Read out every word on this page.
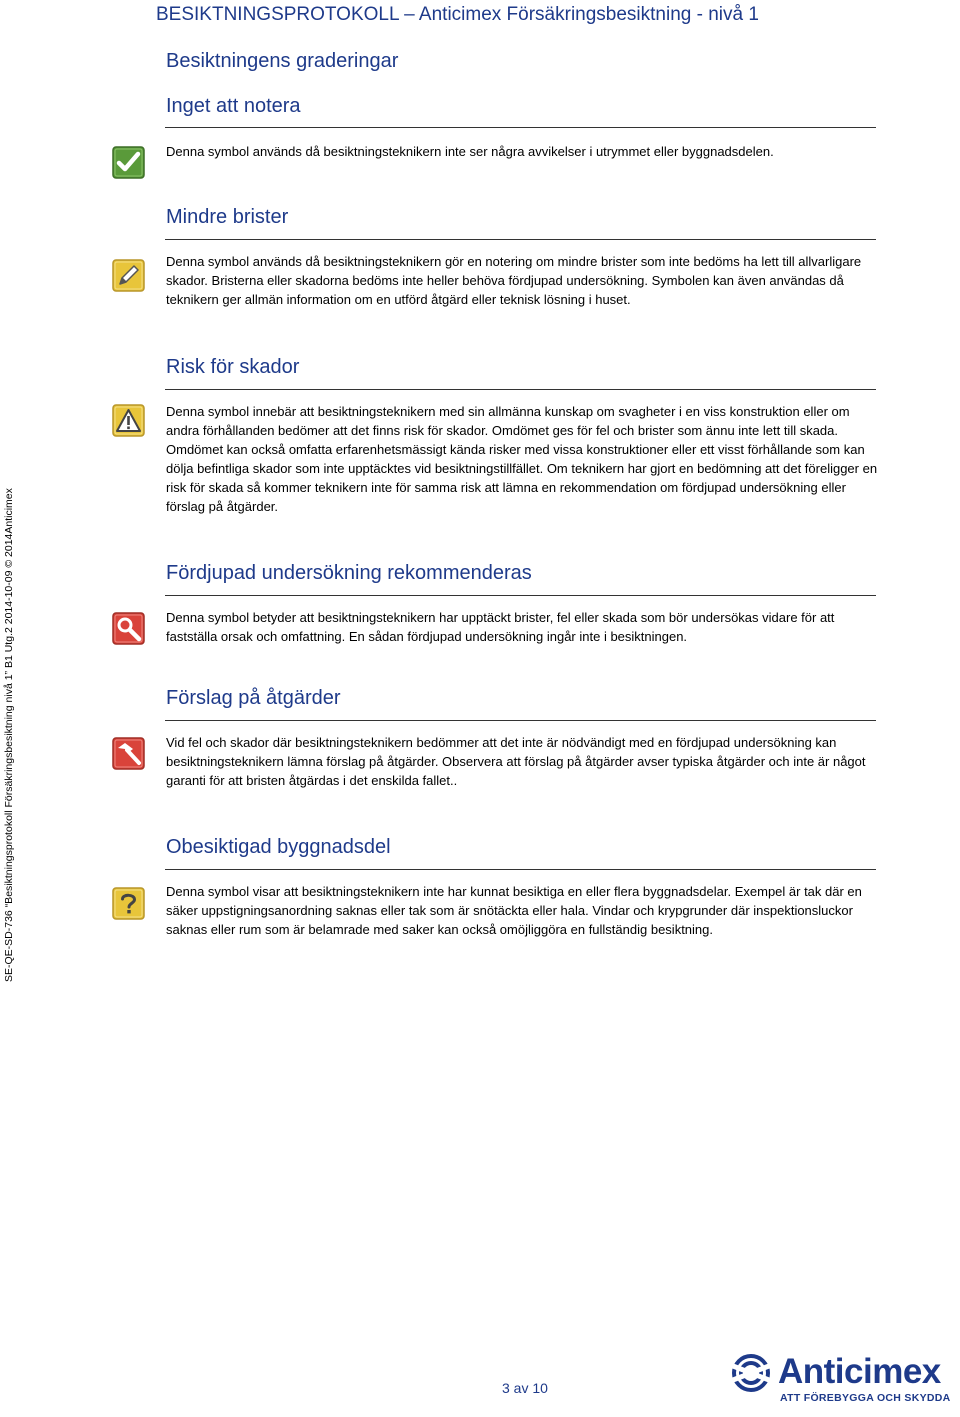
BESIKTNINGSPROTOKOLL – Anticimex Försäkringsbesiktning - nivå 1
Besiktningens graderingar
Inget att notera

Denna symbol används då besiktningsteknikern inte ser några avvikelser i utrymmet eller byggnadsdelen.

Mindre brister

Denna symbol används då besiktningsteknikern gör en notering om mindre brister som inte bedöms ha lett till allvarligare skador. Bristerna eller skadorna bedöms inte heller behöva fördjupad undersökning. Symbolen kan även användas då teknikern ger allmän information om en utförd åtgärd eller teknisk lösning i huset.

Risk för skador

Denna symbol innebär att besiktningsteknikern med sin allmänna kunskap om svagheter i en viss konstruktion eller om andra förhållanden bedömer att det finns risk för skador. Omdömet ges för fel och brister som ännu inte lett till skada. Omdömet kan också omfatta erfarenhetsmässigt kända risker med vissa konstruktioner eller ett visst förhållande som kan dölja befintliga skador som inte upptäcktes vid besiktningstillfället. Om teknikern har gjort en bedömning att det föreligger en risk för skada så kommer teknikern inte för samma risk att lämna en rekommendation om fördjupad undersökning eller förslag på åtgärder.

Fördjupad undersökning rekommenderas

Denna symbol betyder att besiktningsteknikern har upptäckt brister, fel eller skada som bör undersökas vidare för att fastställa orsak och omfattning. En sådan fördjupad undersökning ingår inte i besiktningen.

Förslag på åtgärder

Vid fel och skador där besiktningsteknikern bedömmer att det inte är nödvändigt med en fördjupad undersökning kan besiktningsteknikern lämna förslag på åtgärder. Observera att förslag på åtgärder avser typiska åtgärder och inte är något garanti för att bristen åtgärdas i det enskilda fallet..

Obesiktigad byggnadsdel

Denna symbol visar att besiktningsteknikern inte har kunnat besiktiga en eller flera byggnadsdelar. Exempel är tak där en säker uppstigningsanordning saknas eller tak som är snötäckta eller hala. Vindar och krypgrunder där inspektionsluckor saknas eller rum som är belamrade med saker kan också omöjliggöra en fullständig besiktning.

SE-QE-SD-736 “Besiktningsprotokoll Försäkringsbesiktning nivå 1” B1 Utg.2 2014-10-09 © 2014Anticimex

3 av 10	Anticimex

ATT FÖREBYGGA OCH SKYDDA
